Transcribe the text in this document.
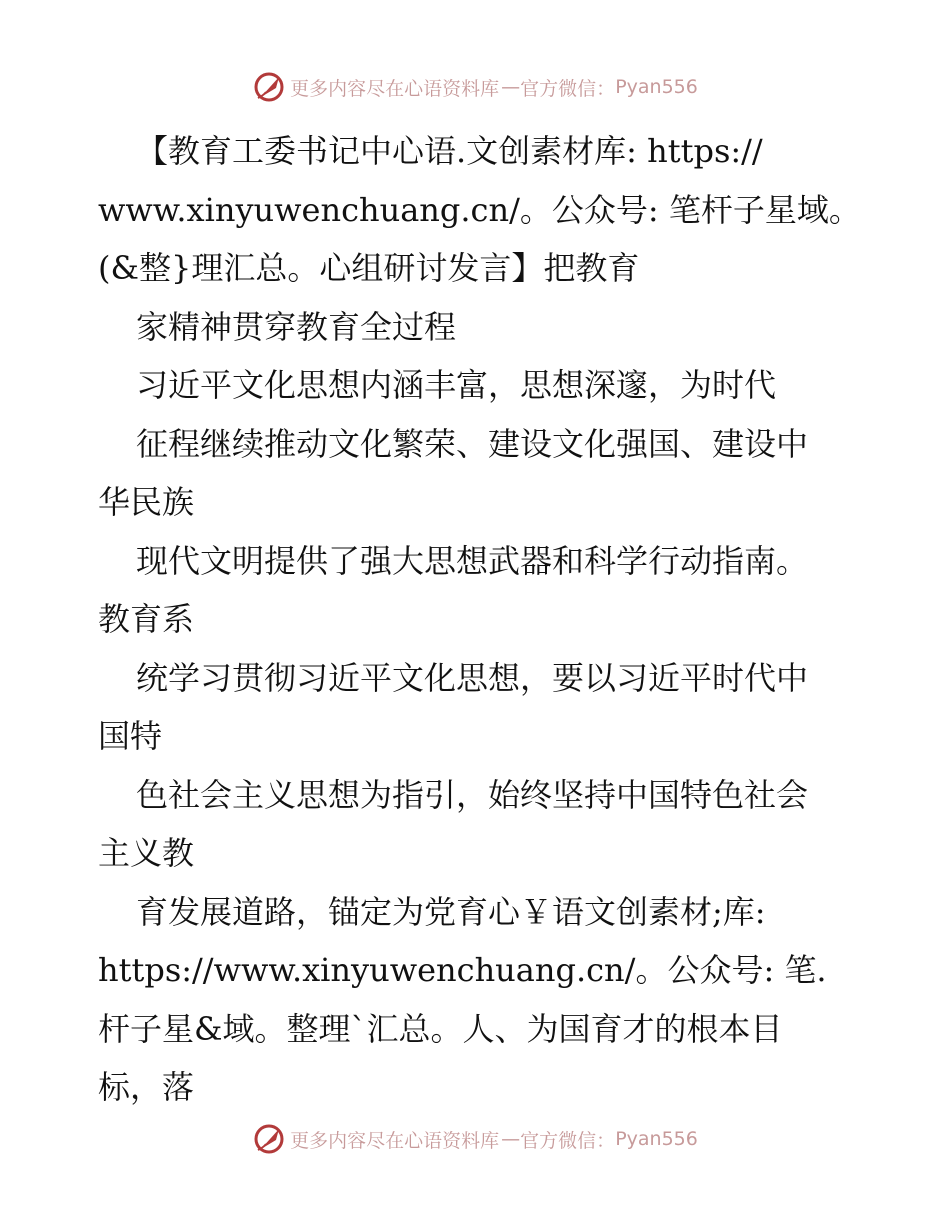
更多内容尽在心语资料库 — 官方微信： Pyan556
【教育工委书记中心语.文创素材库: https://
www.xinyuwenchuang.cn/。公众号: 笔杆子星域。
(&整}理汇总。心组研讨发言】把教育
家精神贯穿教育全过程
习近平文化思想内涵丰富，思想深邃，为时代
征程继续推动文化繁荣、建设文化强国、建设中
华民族
现代文明提供了强大思想武器和科学行动指南。
教育系
统学习贯彻习近平文化思想，要以习近平时代中
国特
色社会主义思想为指引，始终坚持中国特色社会
主义教
育发展道路，锚定为党育心￥语文创素材;库:
https://www.xinyuwenchuang.cn/。公众号: 笔.
杆子星&域。整理`汇总。人、为国育才的根本目
标，落
更多内容尽在心语资料库 — 官方微信： Pyan556
